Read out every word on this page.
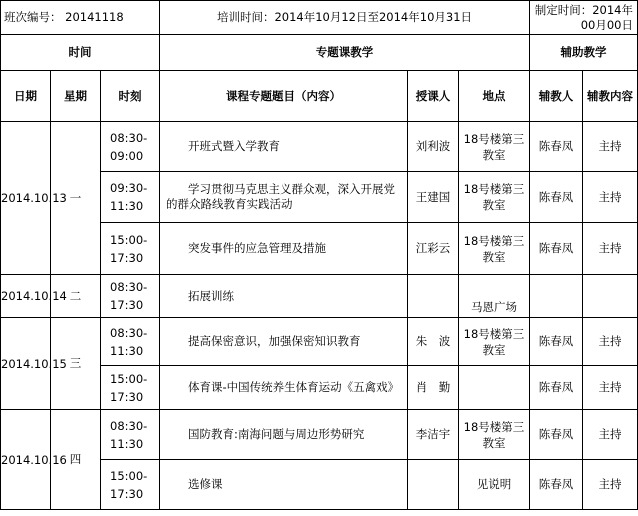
班次编号： 20141118			培训时间：2014年10月12日至2014年10月31日			制定时间：2014年00月00日	
时间			专题课教学			辅助教学	
日期	星期	时刻	课程专题题目（内容）	授课人	地点	辅教人	辅教内容
2014.10.13	一	08:30-09:00	开班式暨入学教育	刘利波	18号楼第三教室	陈春凤	主持
		09:30-11:30	学习贯彻马克思主义群众观，深入开展党的群众路线教育实践活动	王建国	18号楼第三教室	陈春凤	主持
		15:00-17:30	突发事件的应急管理及措施	江彩云	18号楼第三教室	陈春凤	主持
2014.10.14	二	08:30-17:30	拓展训练		马恩广场		
2014.10.15	三	08:30-11:30	提高保密意识，加强保密知识教育	朱　波	18号楼第三教室	陈春凤	主持
		15:00-17:30	体育课-中国传统养生体育运动《五禽戏》	肖　勤		陈春凤	主持
2014.10.16	四	08:30-11:30	国防教育:南海问题与周边形势研究	李洁宇	18号楼第三教室	陈春凤	主持
		15:00-17:30	选修课		见说明	陈春凤	主持
